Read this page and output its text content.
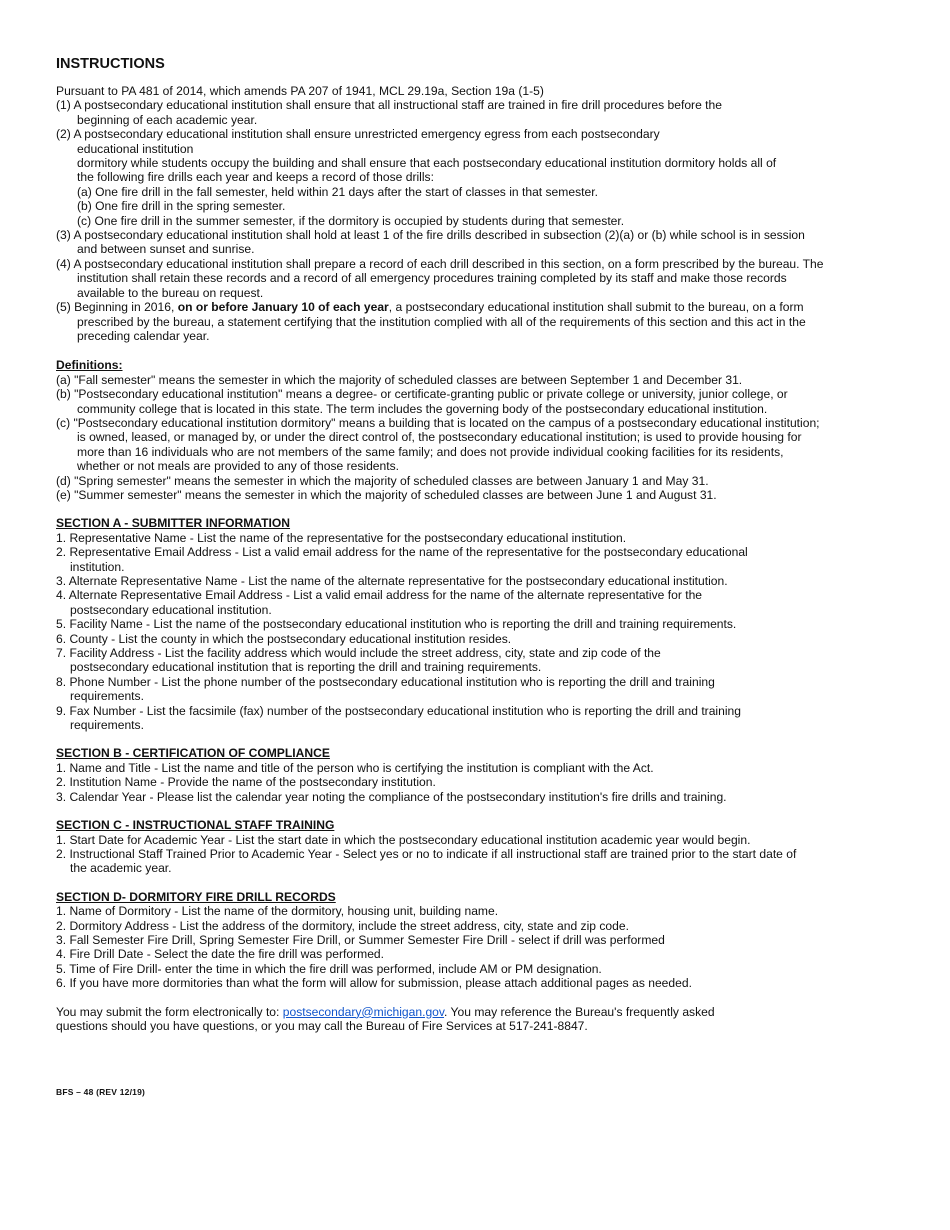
INSTRUCTIONS
Pursuant to PA 481 of 2014, which amends PA 207 of 1941, MCL 29.19a, Section 19a (1-5)
(1) A postsecondary educational institution shall ensure that all instructional staff are trained in fire drill procedures before the beginning of each academic year.
(2) A postsecondary educational institution shall ensure unrestricted emergency egress from each postsecondary
educational institution
dormitory while students occupy the building and shall ensure that each postsecondary educational institution dormitory holds all of the following fire drills each year and keeps a record of those drills:
(a) One fire drill in the fall semester, held within 21 days after the start of classes in that semester.
(b) One fire drill in the spring semester.
(c) One fire drill in the summer semester, if the dormitory is occupied by students during that semester.
(3) A postsecondary educational institution shall hold at least 1 of the fire drills described in subsection (2)(a) or (b) while school is in session and between sunset and sunrise.
(4) A postsecondary educational institution shall prepare a record of each drill described in this section, on a form prescribed by the bureau. The institution shall retain these records and a record of all emergency procedures training completed by its staff and make those records available to the bureau on request.
(5) Beginning in 2016, on or before January 10 of each year, a postsecondary educational institution shall submit to the bureau, on a form prescribed by the bureau, a statement certifying that the institution complied with all of the requirements of this section and this act in the preceding calendar year.
Definitions:
(a) "Fall semester" means the semester in which the majority of scheduled classes are between September 1 and December 31.
(b) "Postsecondary educational institution" means a degree- or certificate-granting public or private college or university, junior college, or community college that is located in this state. The term includes the governing body of the postsecondary educational institution.
(c) "Postsecondary educational institution dormitory" means a building that is located on the campus of a postsecondary educational institution; is owned, leased, or managed by, or under the direct control of, the postsecondary educational institution; is used to provide housing for more than 16 individuals who are not members of the same family; and does not provide individual cooking facilities for its residents, whether or not meals are provided to any of those residents.
(d) "Spring semester" means the semester in which the majority of scheduled classes are between January 1 and May 31.
(e) "Summer semester" means the semester in which the majority of scheduled classes are between June 1 and August 31.
SECTION A - SUBMITTER INFORMATION
1. Representative Name - List the name of the representative for the postsecondary educational institution.
2. Representative Email Address - List a valid email address for the name of the representative for the postsecondary educational institution.
3. Alternate Representative Name - List the name of the alternate representative for the postsecondary educational institution.
4. Alternate Representative Email Address - List a valid email address for the name of the alternate representative for the postsecondary educational institution.
5. Facility Name - List the name of the postsecondary educational institution who is reporting the drill and training requirements.
6. County - List the county in which the postsecondary educational institution resides.
7. Facility Address - List the facility address which would include the street address, city, state and zip code of the postsecondary educational institution that is reporting the drill and training requirements.
8. Phone Number - List the phone number of the postsecondary educational institution who is reporting the drill and training requirements.
9. Fax Number - List the facsimile (fax) number of the postsecondary educational institution who is reporting the drill and training requirements.
SECTION B - CERTIFICATION OF COMPLIANCE
1. Name and Title - List the name and title of the person who is certifying the institution is compliant with the Act.
2. Institution Name - Provide the name of the postsecondary institution.
3. Calendar Year - Please list the calendar year noting the compliance of the postsecondary institution's fire drills and training.
SECTION C - INSTRUCTIONAL STAFF TRAINING
1. Start Date for Academic Year - List the start date in which the postsecondary educational institution academic year would begin.
2. Instructional Staff Trained Prior to Academic Year - Select yes or no to indicate if all instructional staff are trained prior to the start date of the academic year.
SECTION D- DORMITORY FIRE DRILL RECORDS
1. Name of Dormitory - List the name of the dormitory, housing unit, building name.
2. Dormitory Address - List the address of the dormitory, include the street address, city, state and zip code.
3. Fall Semester Fire Drill, Spring Semester Fire Drill, or Summer Semester Fire Drill - select if drill was performed
4. Fire Drill Date - Select the date the fire drill was performed.
5. Time of Fire Drill- enter the time in which the fire drill was performed, include AM or PM designation.
6. If you have more dormitories than what the form will allow for submission, please attach additional pages as needed.
You may submit the form electronically to: postsecondary@michigan.gov. You may reference the Bureau's frequently asked questions should you have questions, or you may call the Bureau of Fire Services at 517-241-8847.
BFS – 48 (REV 12/19)
